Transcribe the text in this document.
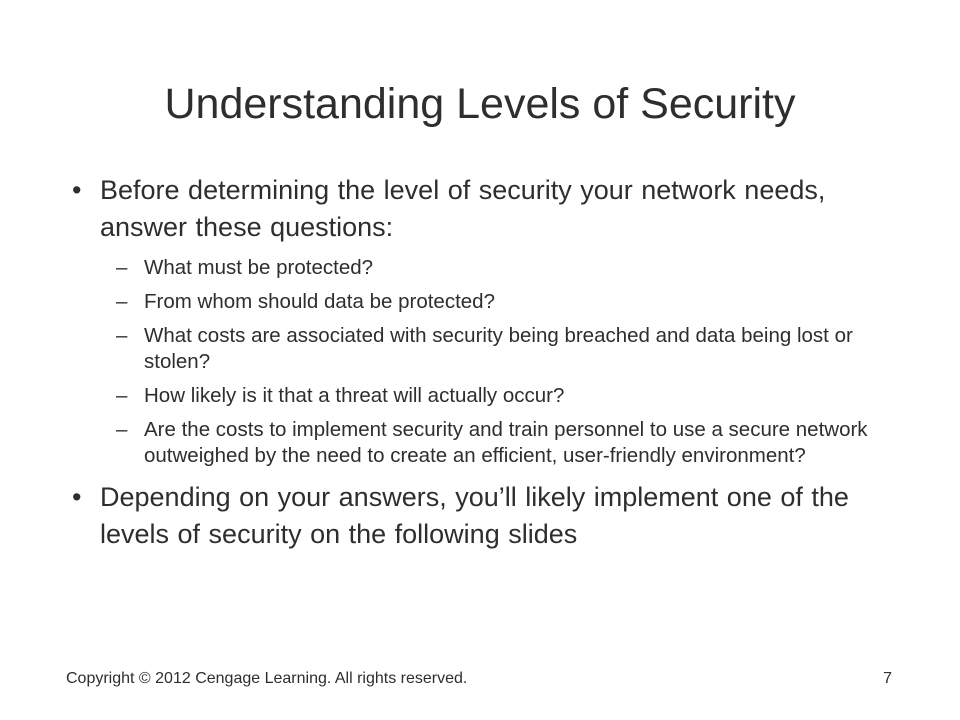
Understanding Levels of Security
• Before determining the level of security your network needs, answer these questions:
– What must be protected?
– From whom should data be protected?
– What costs are associated with security being breached and data being lost or stolen?
– How likely is it that a threat will actually occur?
– Are the costs to implement security and train personnel to use a secure network outweighed by the need to create an efficient, user-friendly environment?
• Depending on your answers, you’ll likely implement one of the levels of security on the following slides
Copyright © 2012 Cengage Learning. All rights reserved.	7
